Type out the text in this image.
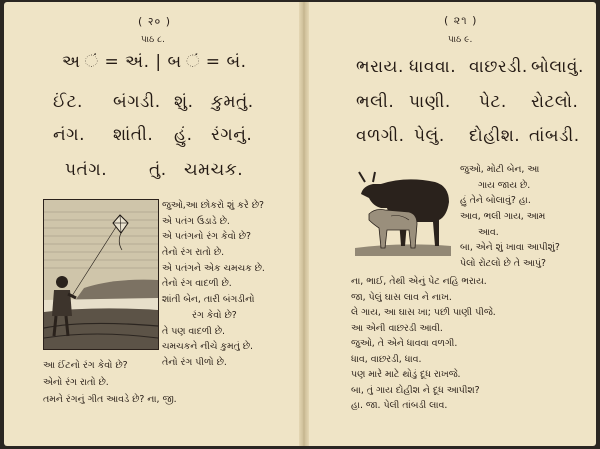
( २० )
પાઠ ૮.
અ ં = અં. | બ ં = બં.
ઈંટ. બંગડી. શું. કુમતું.
નંગ. શાંતી. હું. રંગનું.
પતંગ. તું. ચમચક.
જુઓ,આ છોકરો શું કરે છે?
એ પતંગ ઉડાડે છે.
એ પતંગનો રંગ કેવો છે?
તેનો રંગ રાતો છે.
એ પતંગને એક ચમચક છે.
તેનો રંગ વાદળી છે.
શાંતી બેન, તારી બંગડીનો
રંગ કેવો છે?
તે પણ વાદળી છે.
ચમચકને નીચે કુમતું છે.
તેનો રંગ પીળો છે.
આ ઈંટનો રંગ કેવો છે?
એનો રંગ રાતો છે.
તમને રંગનું ગીત આવડે છે? ના, જી.
( ૨૧ )
પાઠ ૯.
ભરાય. ધાવવા. વાછરડી. બોલાવું.
ભલી. પાણી. પેટ. રોટલો.
વળગી. પેલું. દોહીશ. તાંબડી.
જુઓ, મોટી બેન, આ
ગાય જાય છે.
હું તેને બોલાવું? હા.
આવ, ભલી ગાય, આમ
આવ.
બા, એને શું ખાવા આપીશું?
પેલો રોટલો છે તે આપું?
ના, ભાઈ, તેથી એનું પેટ નહિ ભરાય.
જા, પેલું ઘાસ લાવ ને નાખ.
લે ગાય, આ ઘાસ ખા; પછી પાણી પીજે.
આ એની વાછરડી આવી.
જુઓ, તે એને ધાવવા વળગી.
ધાવ, વાછરડી, ધાવ.
પણ મારે માટે થોડું દૂધ રાખજે.
બા, તું ગાય દોહીશ ને દૂધ આપીશ?
હા. જા. પેલી તાંબડી લાવ.
